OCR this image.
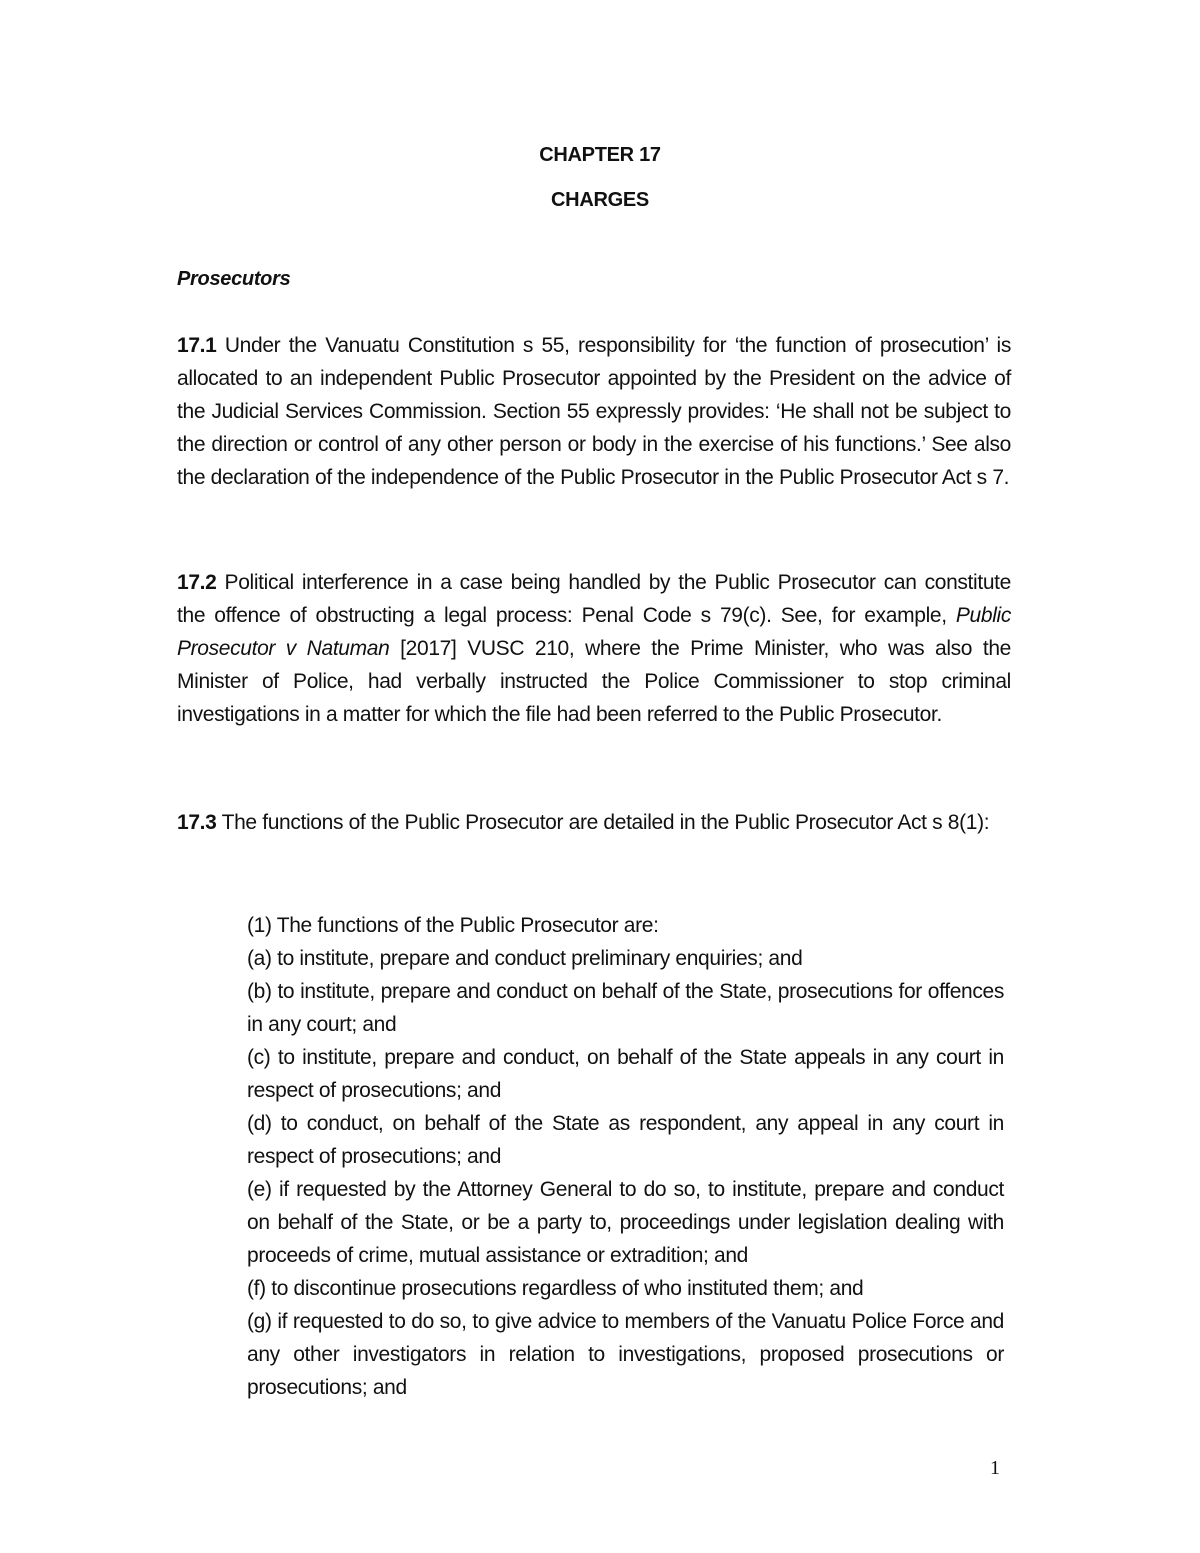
CHAPTER 17
CHARGES
Prosecutors

17.1 Under the Vanuatu Constitution s 55, responsibility for ‘the function of prosecution’ is allocated to an independent Public Prosecutor appointed by the President on the advice of the Judicial Services Commission. Section 55 expressly provides: ‘He shall not be subject to the direction or control of any other person or body in the exercise of his functions.’ See also the declaration of the independence of the Public Prosecutor in the Public Prosecutor Act s 7.

17.2 Political interference in a case being handled by the Public Prosecutor can constitute the offence of obstructing a legal process: Penal Code s 79(c). See, for example, Public Prosecutor v Natuman [2017] VUSC 210, where the Prime Minister, who was also the Minister of Police, had verbally instructed the Police Commissioner to stop criminal investigations in a matter for which the file had been referred to the Public Prosecutor.

17.3 The functions of the Public Prosecutor are detailed in the Public Prosecutor Act s 8(1):

(1) The functions of the Public Prosecutor are:
(a) to institute, prepare and conduct preliminary enquiries; and
(b) to institute, prepare and conduct on behalf of the State, prosecutions for offences in any court; and
(c) to institute, prepare and conduct, on behalf of the State appeals in any court in respect of prosecutions; and
(d) to conduct, on behalf of the State as respondent, any appeal in any court in respect of prosecutions; and
(e) if requested by the Attorney General to do so, to institute, prepare and conduct on behalf of the State, or be a party to, proceedings under legislation dealing with proceeds of crime, mutual assistance or extradition; and
(f) to discontinue prosecutions regardless of who instituted them; and
(g) if requested to do so, to give advice to members of the Vanuatu Police Force and any other investigators in relation to investigations, proposed prosecutions or prosecutions; and
1
